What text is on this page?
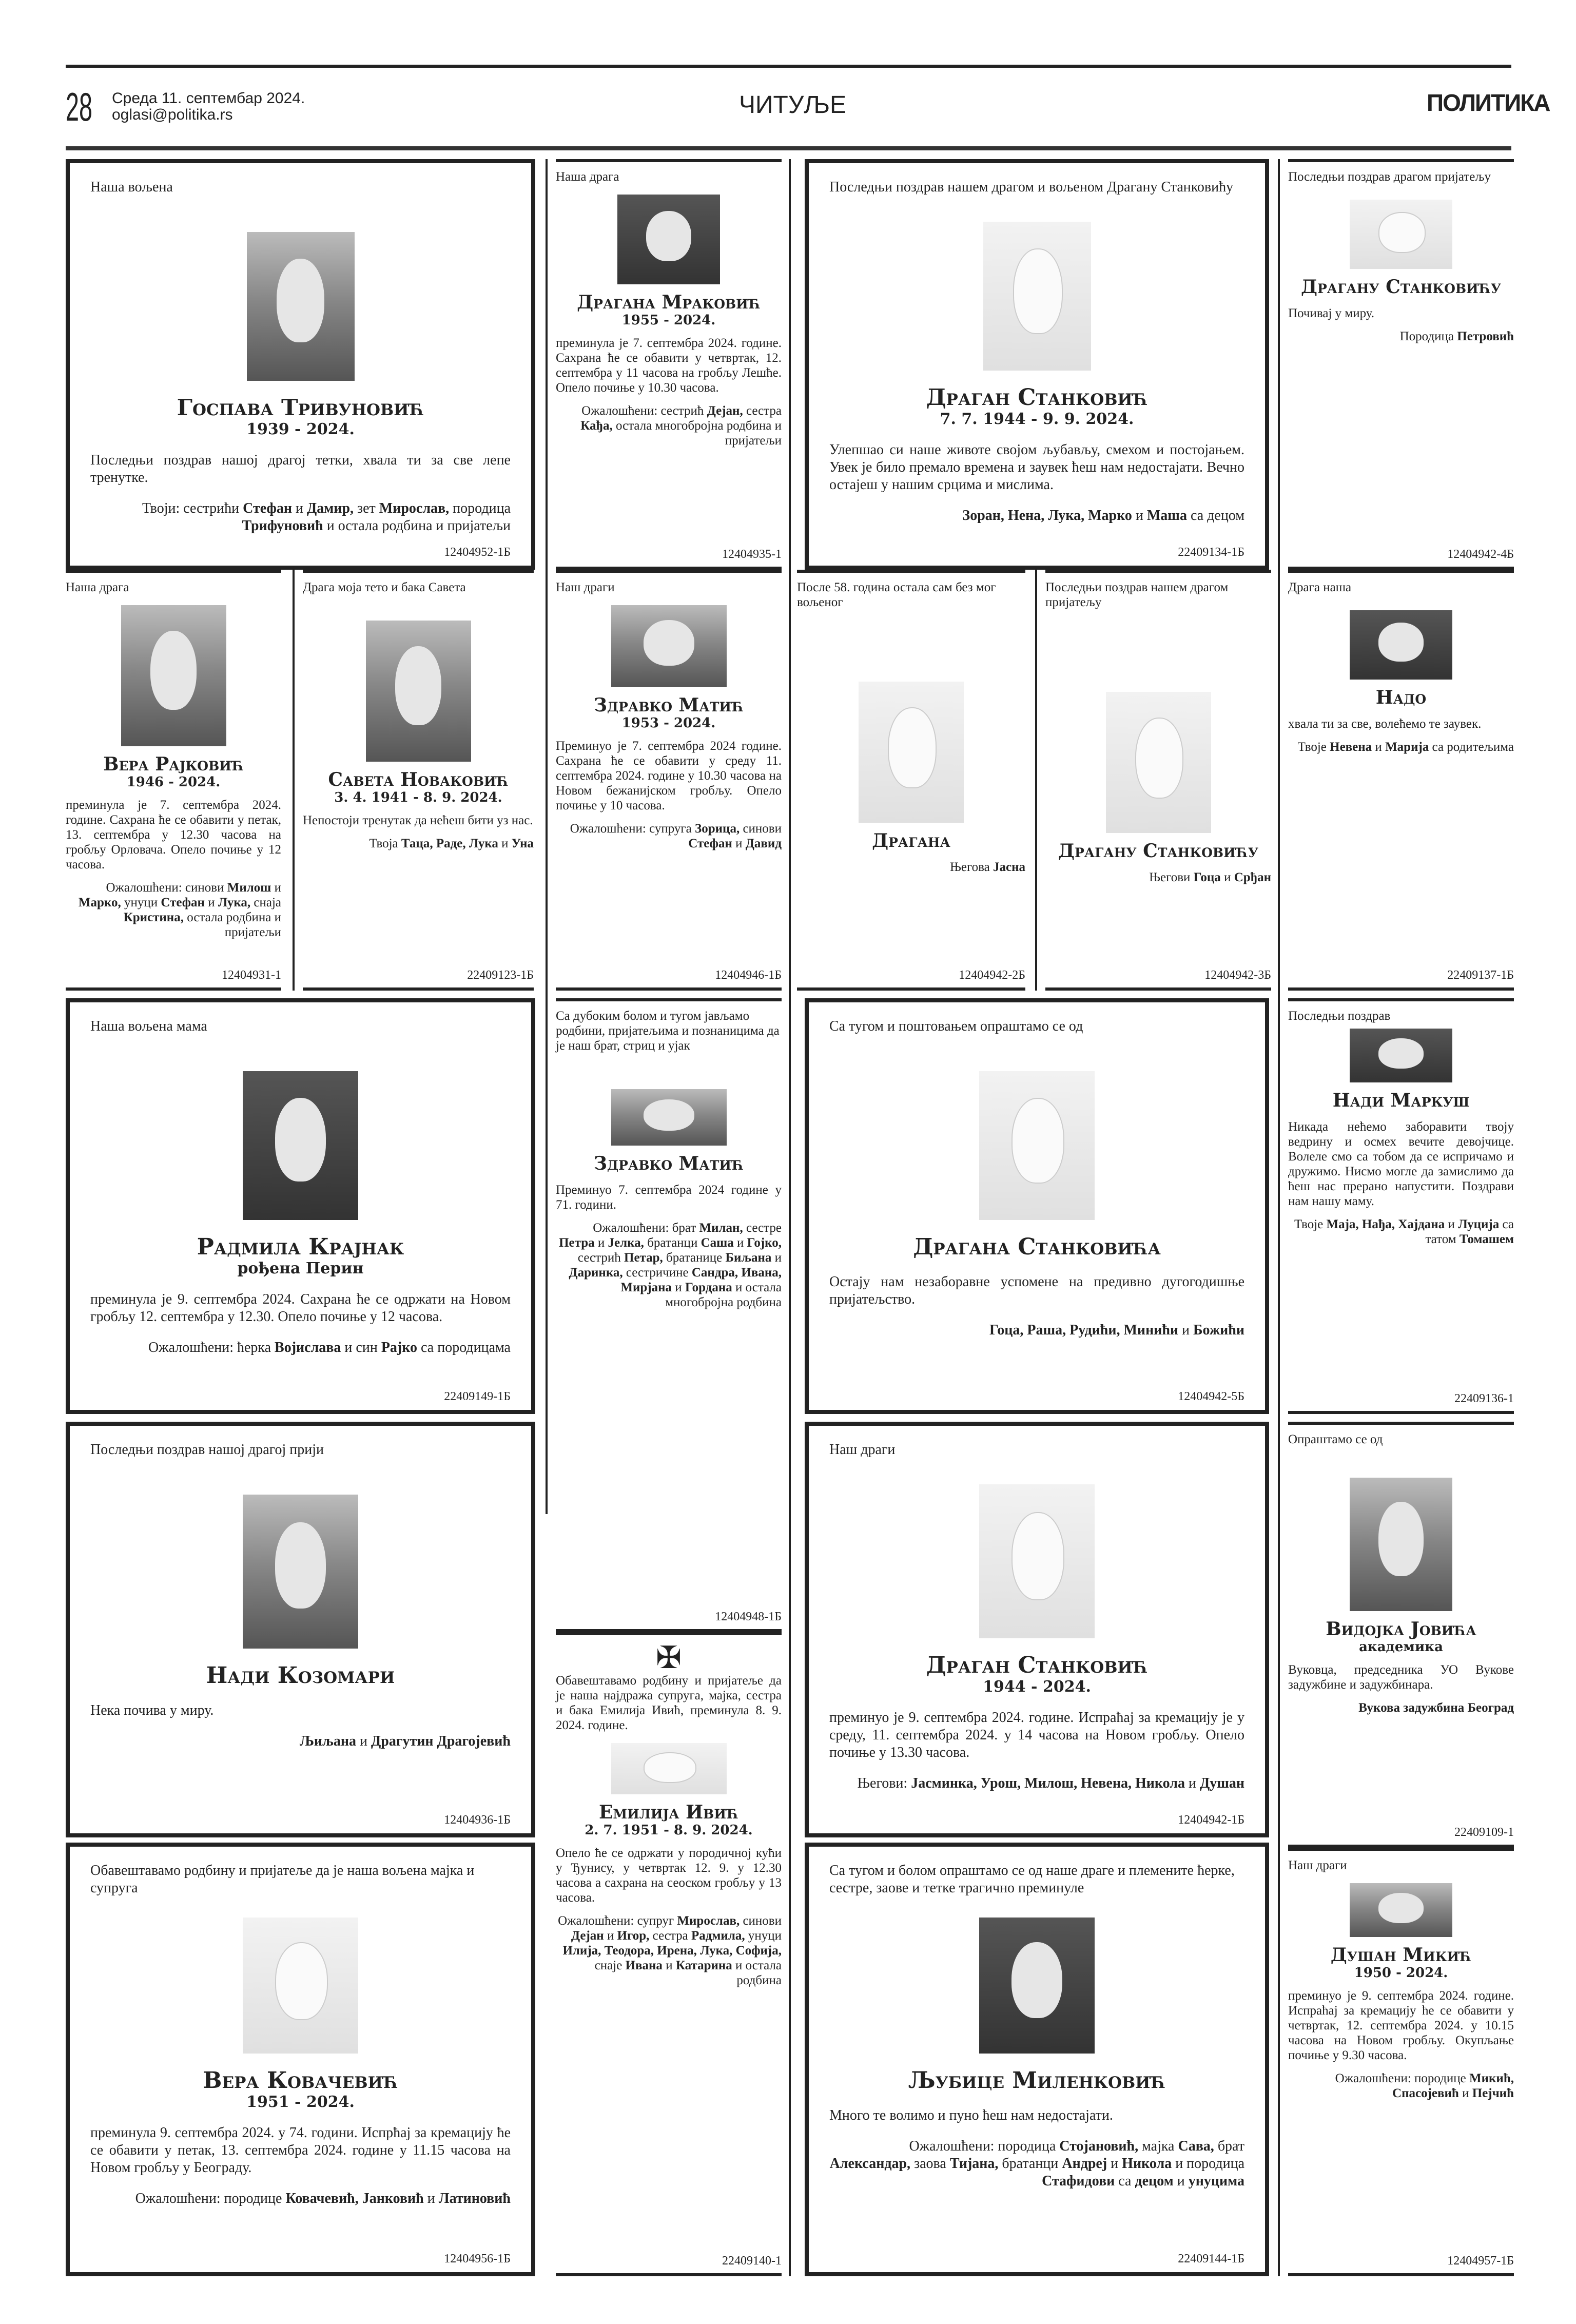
28 Среда 11. септембар 2024.
oglasi@politika.rs	ЧИТУЉЕ	ПОЛИТИКА
Наша вољена
Госпава Тривуновић
1939 - 2024.
Последњи поздрав нашој драгој тетки, хвала ти за све лепе тренутке.
Твоји: сестрићи Стефан и Дамир, зет Мирослав, породица Трифуновић и остала родбина и пријатељи
12404952-1Б
Наша драга
Драгана Мраковић
1955 - 2024.
преминула је 7. септембра 2024. године. Сахрана ће се обавити у четвртак, 12. септембра у 11 часова на гробљу Лешће. Опело почиње у 10.30 часова.
Ожалошћени: сестрић Дејан, сестра Кађа, остала многобројна родбина и пријатељи
12404935-1
Последњи поздрав нашем драгом и вољеном Драгану Станковићу
Драган Станковић
7. 7. 1944 - 9. 9. 2024.
Улепшао си наше животе својом љубављу, смехом и постојањем. Увек је било премало времена и заувек ћеш нам недостајати. Вечно остајеш у нашим срцима и мислима.
Зоран, Нена, Лука, Марко и Маша са децом
22409134-1Б
Последњи поздрав драгом пријатељу
Драгану Станковићу
Почивај у миру.
Породица Петровић
12404942-4Б
Наша драга
Вера Рајковић
1946 - 2024.
преминула је 7. септембра 2024. године. Сахрана ће се обавити у петак, 13. септембра у 12.30 часова на гробљу Орловача. Опело почиње у 12 часова.
Ожалошћени: синови Милош и Марко, унуци Стефан и Лука, снаја Кристина, остала родбина и пријатељи
12404931-1
Драга моја тето и бака Савета
Савета Новаковић
3. 4. 1941 - 8. 9. 2024.
Непостоји тренутак да нећеш бити уз нас.
Твоја Таца, Раде, Лука и Уна
22409123-1Б
Наш драги
Здравко Матић
1953 - 2024.
Преминуо је 7. септембра 2024 године. Сахрана ће се обавити у среду 11. септембра 2024. године у 10.30 часова на Новом бежанијском гробљу. Опело почиње у 10 часова.
Ожалошћени: супруга Зорица, синови Стефан и Давид
12404946-1Б
После 58. година остала сам без мог вољеног
Драгана
Његова Јасна
12404942-2Б
Последњи поздрав нашем драгом пријатељу
Драгану Станковићу
Његови Гоца и Срђан
12404942-3Б
Драга наша
Надо
хвала ти за све, волећемо те заувек.
Твоје Невена и Марија са родитељима
22409137-1Б
Наша вољена мама
Радмила Крајнак
рођена Перин
преминула је 9. септембра 2024. Сахрана ће се одржати на Новом гробљу 12. септембра у 12.30. Опело почиње у 12 часова.
Ожалошћени: ћерка Војислава и син Рајко са породицама
22409149-1Б
Са дубоким болом и тугом јављамо родбини, пријатељима и познаницима да је наш брат, стриц и ујак
Здравко Матић
Преминуо 7. септембра 2024 године у 71. години.
Ожалошћени: брат Милан, сестре Петра и Јелка, братанци Саша и Гојко, сестрић Петар, братанице Биљана и Даринка, сестричине Сандра, Ивана, Мирјана и Гордана и остала многобројна родбина
12404948-1Б
Са тугом и поштовањем опраштамо се од
Драгана Станковића
Остају нам незаборавне успомене на предивно дугогодишње пријатељство.
Гоца, Раша, Рудићи, Минићи и Божићи
12404942-5Б
Последњи поздрав
Нади Маркуш
Никада нећемо заборавити твоју ведрину и осмех вечите девојчице. Волеле смо са тобом да се испричамо и дружимо. Нисмо могле да замислимо да ћеш нас прерано напустити. Поздрави нам нашу маму.
Твоје Маја, Нађа, Хајдана и Луција са татом Томашем
22409136-1
Последњи поздрав нашој драгој прији
Нади Козомари
Нека почива у миру.
Љиљана и Драгутин Драгојевић
12404936-1Б
Наш драги
Драган Станковић
1944 - 2024.
преминуо је 9. септембра 2024. године. Испраћај за кремацију је у среду, 11. септембра 2024. у 14 часова на Новом гробљу. Опело почиње у 13.30 часова.
Његови: Јасминка, Урош, Милош, Невена, Никола и Душан
12404942-1Б
Опраштамо се од
Видојка Јовића
академика
Вуковца, председника УО Вукове задужбине и задужбинара.
Вукова задужбина Београд
22409109-1
✠
Обавештавамо родбину и пријатеље да је наша најдража супруга, мајка, сестра и бака Емилија Ивић, преминула 8. 9. 2024. године.
Емилија Ивић
2. 7. 1951 - 8. 9. 2024.
Опело ће се одржати у породичној кући у Ђунису, у четвртак 12. 9. у 12.30 часова а сахрана на сеоском гробљу у 13 часова.
Ожалошћени: супруг Мирослав, синови Дејан и Игор, сестра Радмила, унуци Илија, Теодора, Ирена, Лука, Софија, снаје Ивана и Катарина и остала родбина
22409140-1
Обавештавамо родбину и пријатеље да је наша вољена мајка и супруга
Вера Ковачевић
1951 - 2024.
преминула 9. септембра 2024. у 74. години. Испрћај за кремацију ће се обавити у петак, 13. септембра 2024. године у 11.15 часова на Новом гробљу у Београду.
Ожалошћени: породице Ковачевић, Јанковић и Латиновић
12404956-1Б
Са тугом и болом опраштамо се од наше драге и племените ћерке, сестре, заове и тетке трагично преминуле
Љубице Миленковић
Много те волимо и пуно ћеш нам недостајати.
Ожалошћени: породица Стојановић, мајка Сава, брат Александар, заова Тијана, братанци Андреј и Никола и породица Стафидови са децом и унуцима
22409144-1Б
Наш драги
Душан Микић
1950 - 2024.
преминуо је 9. септембра 2024. године. Испраћај за кремацију ће се обавити у четвртак, 12. септембра 2024. у 10.15 часова на Новом гробљу. Окупљање почиње у 9.30 часова.
Ожалошћени: породице Микић, Спасојевић и Пејчић
12404957-1Б
